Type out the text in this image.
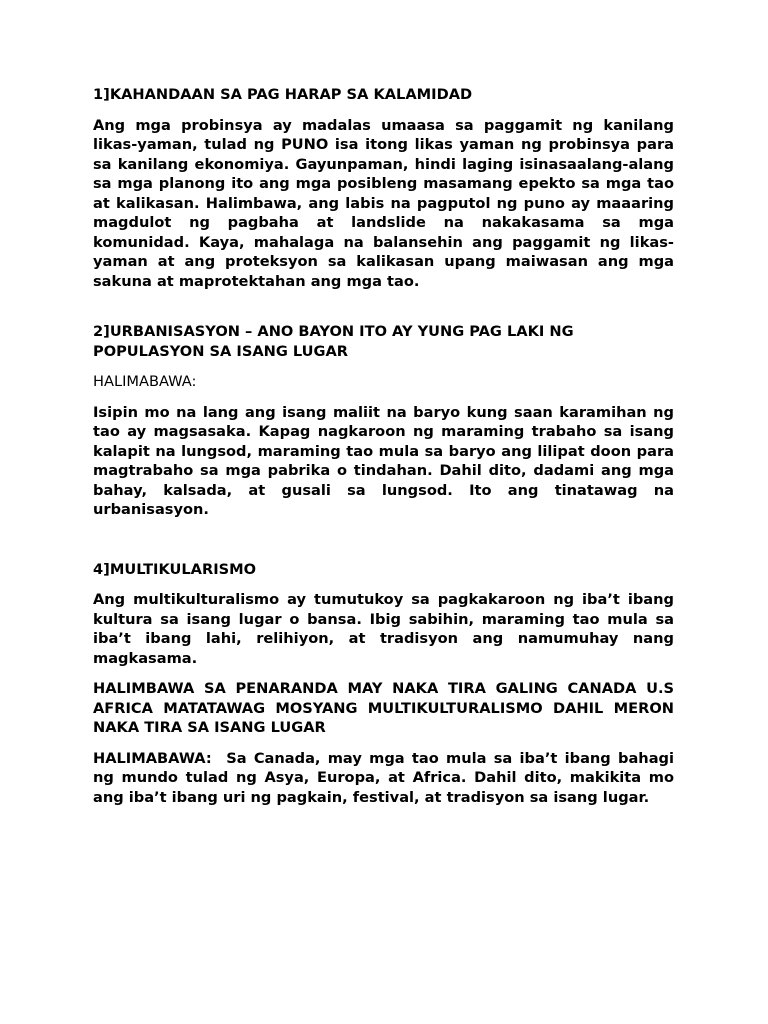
1]KAHANDAAN SA PAG HARAP SA KALAMIDAD

Ang mga probinsya ay madalas umaasa sa paggamit ng kanilang likas-yaman, tulad ng PUNO isa itong likas yaman ng probinsya para sa kanilang ekonomiya. Gayunpaman, hindi laging isinasaalang-alang sa mga planong ito ang mga posibleng masamang epekto sa mga tao at kalikasan. Halimbawa, ang labis na pagputol ng puno ay maaaring magdulot ng pagbaha at landslide na nakakasama sa mga komunidad. Kaya, mahalaga na balansehin ang paggamit ng likas-yaman at ang proteksyon sa kalikasan upang maiwasan ang mga sakuna at maprotektahan ang mga tao.

2]URBANISASYON – ANO BAYON ITO AY YUNG PAG LAKI NG POPULASYON SA ISANG LUGAR

HALIMABAWA:

Isipin mo na lang ang isang maliit na baryo kung saan karamihan ng tao ay magsasaka. Kapag nagkaroon ng maraming trabaho sa isang kalapit na lungsod, maraming tao mula sa baryo ang lilipat doon para magtrabaho sa mga pabrika o tindahan. Dahil dito, dadami ang mga bahay, kalsada, at gusali sa lungsod. Ito ang tinatawag na urbanisasyon.

4]MULTIKULARISMO

Ang multikulturalismo ay tumutukoy sa pagkakaroon ng iba’t ibang kultura sa isang lugar o bansa. Ibig sabihin, maraming tao mula sa iba’t ibang lahi, relihiyon, at tradisyon ang namumuhay nang magkasama.

HALIMBAWA SA PENARANDA MAY NAKA TIRA GALING CANADA U.S AFRICA MATATAWAG MOSYANG MULTIKULTURALISMO DAHIL MERON NAKA TIRA SA ISANG LUGAR

HALIMABAWA:  Sa Canada, may mga tao mula sa iba’t ibang bahagi ng mundo tulad ng Asya, Europa, at Africa. Dahil dito, makikita mo ang iba’t ibang uri ng pagkain, festival, at tradisyon sa isang lugar.
